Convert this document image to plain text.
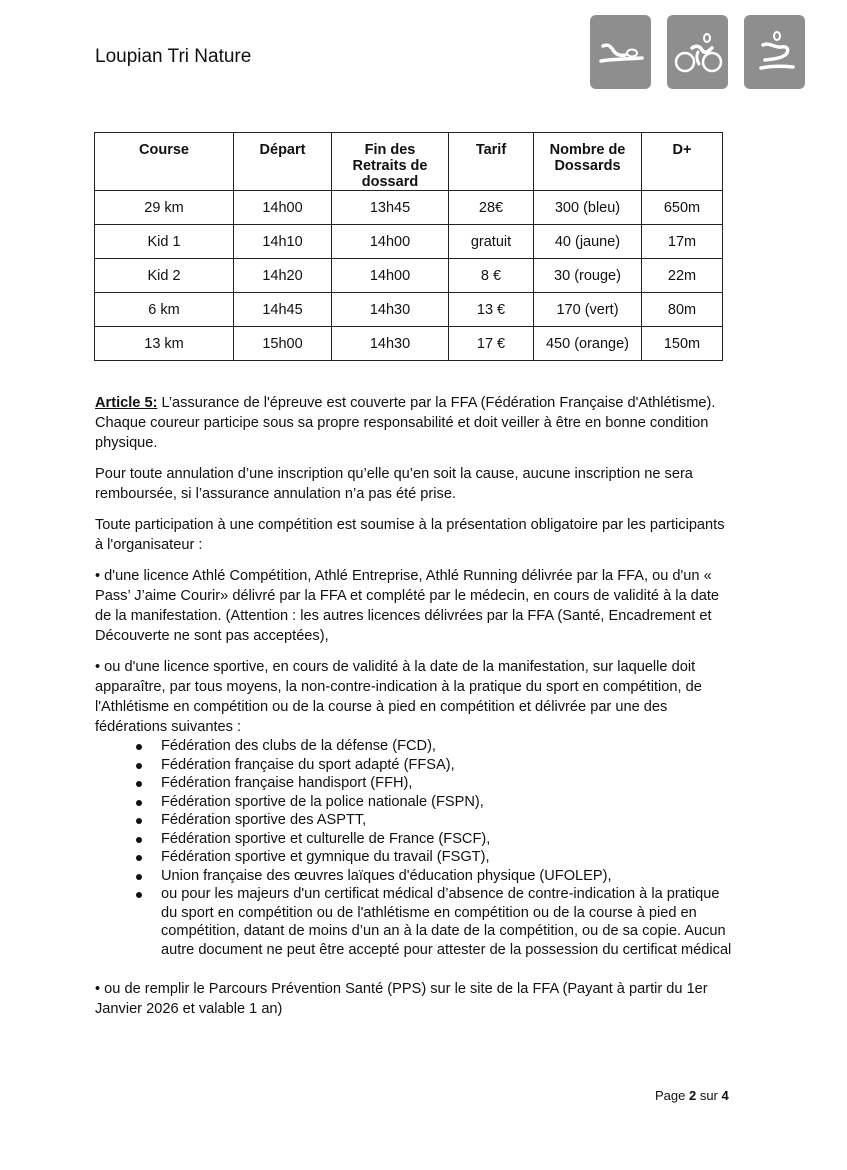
Loupian Tri Nature
Course	Départ	Fin des Retraits de dossard	Tarif	Nombre de Dossards	D+
29 km	14h00	13h45	28€	300 (bleu)	650m
Kid 1	14h10	14h00	gratuit	40 (jaune)	17m
Kid 2	14h20	14h00	8 €	30 (rouge)	22m
6 km	14h45	14h30	13 €	170 (vert)	80m
13 km	15h00	14h30	17 €	450 (orange)	150m

Article 5: L’assurance de l'épreuve est couverte par la FFA (Fédération Française d'Athlétisme). Chaque coureur participe sous sa propre responsabilité et doit veiller à être en bonne condition physique.

Pour toute annulation d’une inscription qu’elle qu’en soit la cause, aucune inscription ne sera remboursée, si l’assurance annulation n’a pas été prise.

Toute participation à une compétition est soumise à la présentation obligatoire par les participants à l'organisateur :

• d'une licence Athlé Compétition, Athlé Entreprise, Athlé Running délivrée par la FFA, ou d'un « Pass’ J’aime Courir» délivré par la FFA et complété par le médecin, en cours de validité à la date de la manifestation. (Attention : les autres licences délivrées par la FFA (Santé, Encadrement et Découverte ne sont pas acceptées),

• ou d'une licence sportive, en cours de validité à la date de la manifestation, sur laquelle doit apparaître, par tous moyens, la non-contre-indication à la pratique du sport en compétition, de l'Athlétisme en compétition ou de la course à pied en compétition et délivrée par une des fédérations suivantes :

Fédération des clubs de la défense (FCD),
Fédération française du sport adapté (FFSA),
Fédération française handisport (FFH),
Fédération sportive de la police nationale (FSPN),
Fédération sportive des ASPTT,
Fédération sportive et culturelle de France (FSCF),
Fédération sportive et gymnique du travail (FSGT),
Union française des œuvres laïques d'éducation physique (UFOLEP),
ou pour les majeurs d'un certificat médical d’absence de contre-indication à la pratique du sport en compétition ou de l'athlétisme en compétition ou de la course à pied en compétition, datant de moins d’un an à la date de la compétition, ou de sa copie. Aucun autre document ne peut être accepté pour attester de la possession du certificat médical

• ou de remplir le Parcours Prévention Santé (PPS) sur le site de la FFA (Payant à partir du 1er Janvier 2026 et valable 1 an)

Page 2 sur 4
